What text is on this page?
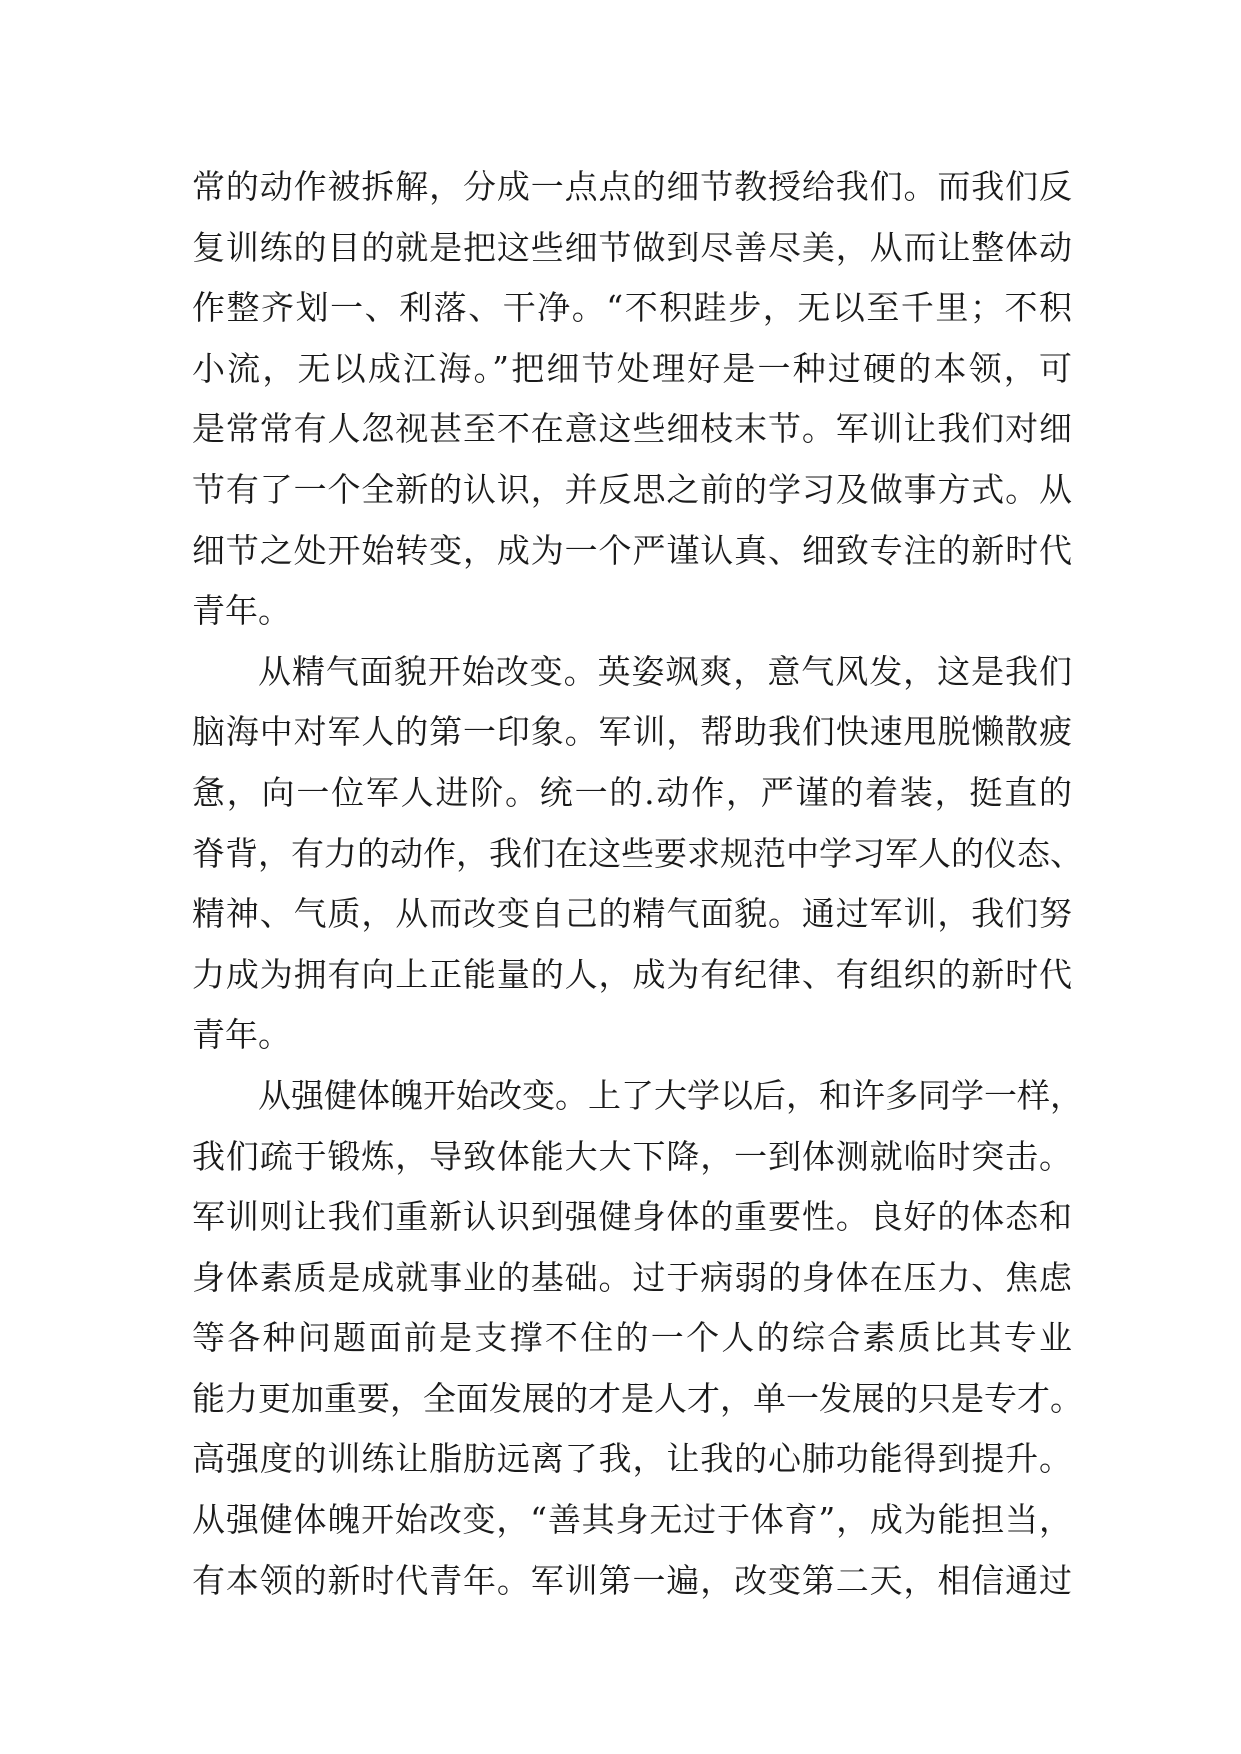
常的动作被拆解，分成一点点的细节教授给我们。而我们反
复训练的目的就是把这些细节做到尽善尽美，从而让整体动
作整齐划一、利落、干净。“不积跬步，无以至千里；不积
小流，无以成江海。”把细节处理好是一种过硬的本领，可
是常常有人忽视甚至不在意这些细枝末节。军训让我们对细
节有了一个全新的认识，并反思之前的学习及做事方式。从
细节之处开始转变，成为一个严谨认真、细致专注的新时代
青年。
从精气面貌开始改变。英姿飒爽，意气风发，这是我们
脑海中对军人的第一印象。军训，帮助我们快速甩脱懒散疲
惫，向一位军人进阶。统一的.动作，严谨的着装，挺直的
脊背，有力的动作，我们在这些要求规范中学习军人的仪态、
精神、气质，从而改变自己的精气面貌。通过军训，我们努
力成为拥有向上正能量的人，成为有纪律、有组织的新时代
青年。
从强健体魄开始改变。上了大学以后，和许多同学一样，
我们疏于锻炼，导致体能大大下降，一到体测就临时突击。
军训则让我们重新认识到强健身体的重要性。良好的体态和
身体素质是成就事业的基础。过于病弱的身体在压力、焦虑
等各种问题面前是支撑不住的一个人的综合素质比其专业
能力更加重要，全面发展的才是人才，单一发展的只是专才。
高强度的训练让脂肪远离了我，让我的心肺功能得到提升。
从强健体魄开始改变，“善其身无过于体育”，成为能担当，
有本领的新时代青年。军训第一遍，改变第二天，相信通过
